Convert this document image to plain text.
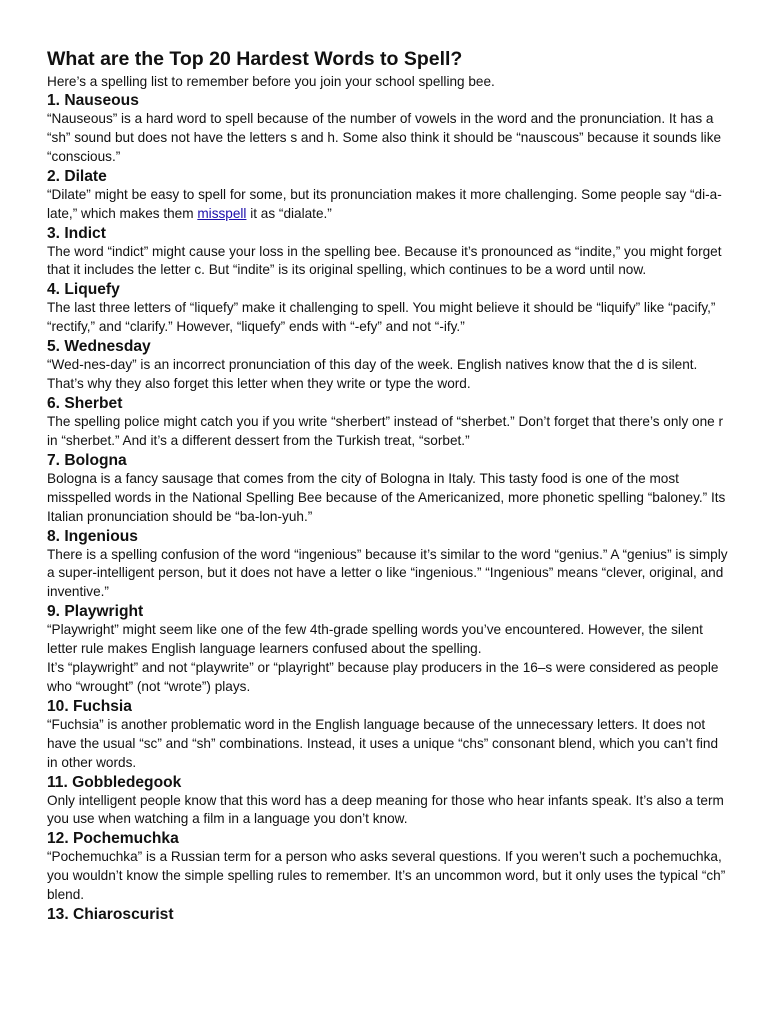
What are the Top 20 Hardest Words to Spell?

Here’s a spelling list to remember before you join your school spelling bee.

1. Nauseous

“Nauseous” is a hard word to spell because of the number of vowels in the word and the pronunciation. It has a “sh” sound but does not have the letters s and h. Some also think it should be “nauscous” because it sounds like “conscious.”

2. Dilate

“Dilate” might be easy to spell for some, but its pronunciation makes it more challenging. Some people say “di-a-late,” which makes them misspell it as “dialate.”

3. Indict

The word “indict” might cause your loss in the spelling bee. Because it’s pronounced as “indite,” you might forget that it includes the letter c. But “indite” is its original spelling, which continues to be a word until now.

4. Liquefy

The last three letters of “liquefy” make it challenging to spell. You might believe it should be “liquify” like “pacify,” “rectify,” and “clarify.” However, “liquefy” ends with “-efy” and not “-ify.”

5. Wednesday

“Wed-nes-day” is an incorrect pronunciation of this day of the week. English natives know that the d is silent. That’s why they also forget this letter when they write or type the word.

6. Sherbet

The spelling police might catch you if you write “sherbert” instead of “sherbet.” Don’t forget that there’s only one r in “sherbet.” And it’s a different dessert from the Turkish treat, “sorbet.”

7. Bologna

Bologna is a fancy sausage that comes from the city of Bologna in Italy. This tasty food is one of the most misspelled words in the National Spelling Bee because of the Americanized, more phonetic spelling “baloney.” Its Italian pronunciation should be “ba-lon-yuh.”

8. Ingenious

There is a spelling confusion of the word “ingenious” because it’s similar to the word “genius.” A “genius” is simply a super-intelligent person, but it does not have a letter o like “ingenious.” “Ingenious” means “clever, original, and inventive.”

9. Playwright

“Playwright” might seem like one of the few 4th-grade spelling words you’ve encountered. However, the silent letter rule makes English language learners confused about the spelling.
It’s “playwright” and not “playwrite” or “playright” because play producers in the 16–s were considered as people who “wrought” (not “wrote”) plays.

10. Fuchsia

“Fuchsia” is another problematic word in the English language because of the unnecessary letters. It does not have the usual “sc” and “sh” combinations. Instead, it uses a unique “chs” consonant blend, which you can’t find in other words.

11. Gobbledegook

Only intelligent people know that this word has a deep meaning for those who hear infants speak. It’s also a term you use when watching a film in a language you don’t know.

12. Pochemuchka

“Pochemuchka” is a Russian term for a person who asks several questions. If you weren’t such a pochemuchka, you wouldn’t know the simple spelling rules to remember. It’s an uncommon word, but it only uses the typical “ch” blend.

13. Chiaroscurist
